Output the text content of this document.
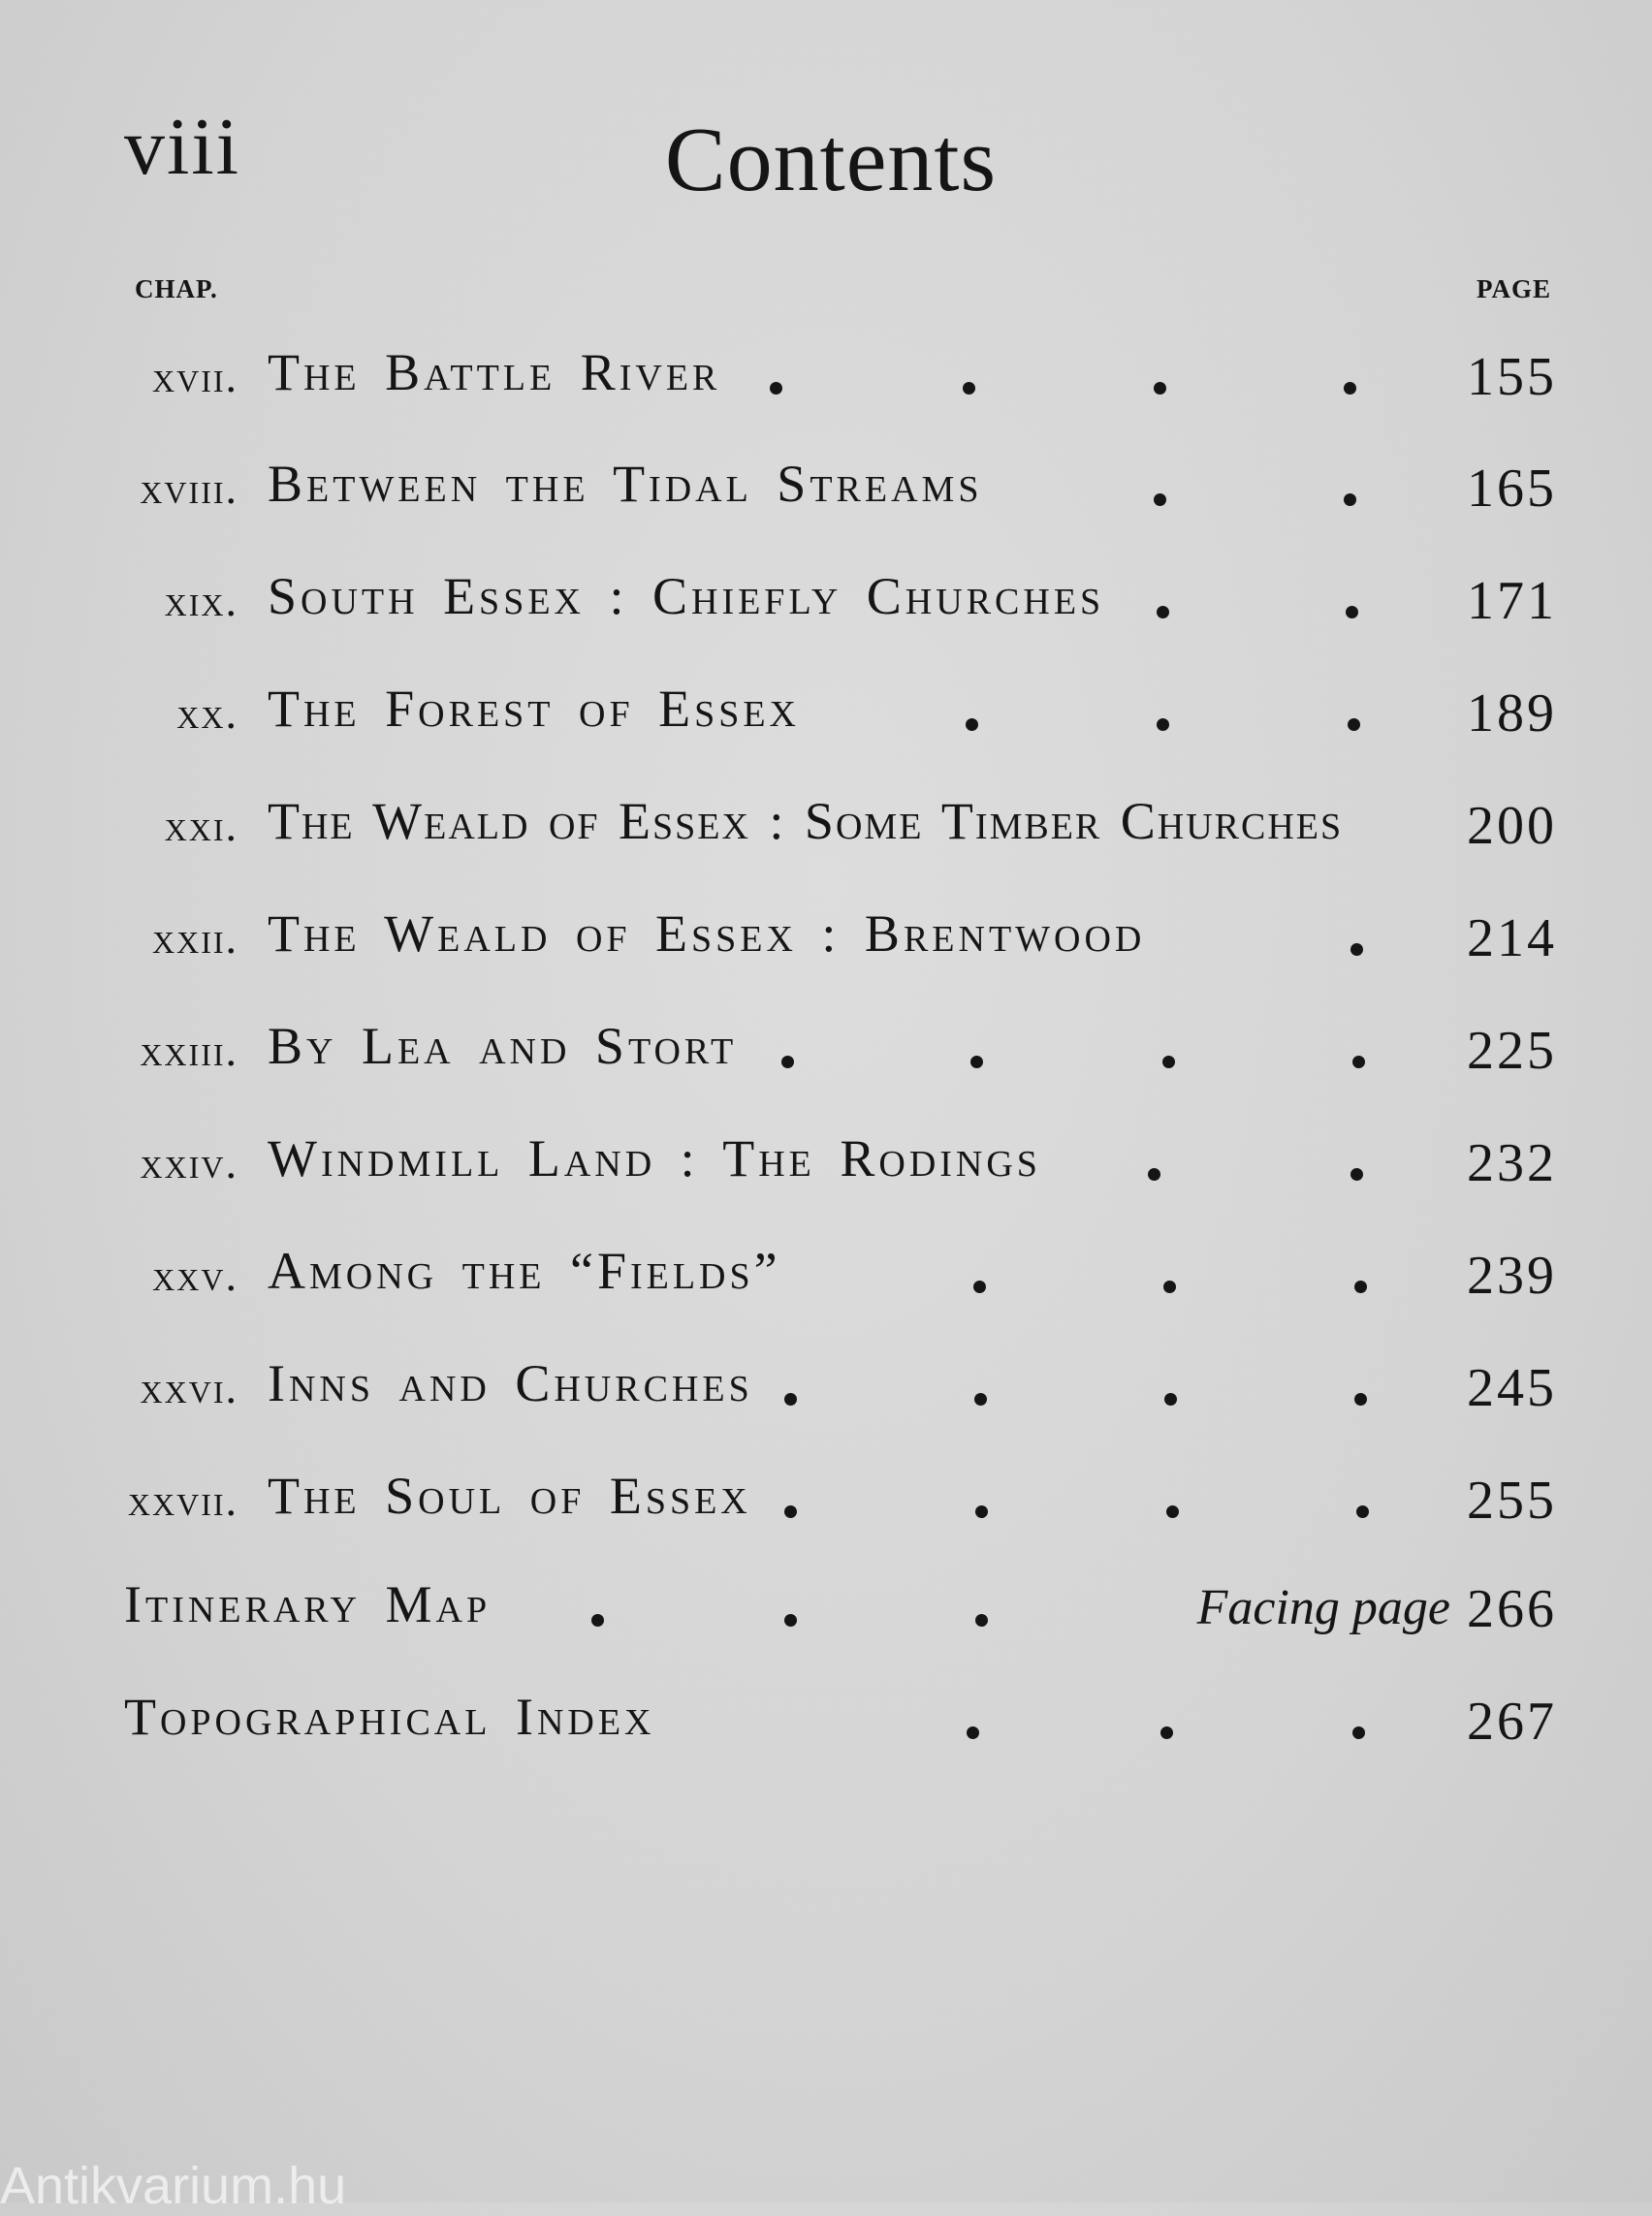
viii	Contents
CHAP.	PAGE
xvii. The Battle River	155
xviii. Between the Tidal Streams	165
xix. South Essex : Chiefly Churches	171
xx. The Forest of Essex	189
xxi. The Weald of Essex : Some Timber Churches 200
xxii. The Weald of Essex : Brentwood	214
xxiii. By Lea and Stort	225
xxiv. Windmill Land : The Rodings	232
xxv. Among the “Fields”	239
xxvi. Inns and Churches	245
xxvii. The Soul of Essex	255
Itinerary Map	Facing page 266
Topographical Index	267
Antikvarium.hu
